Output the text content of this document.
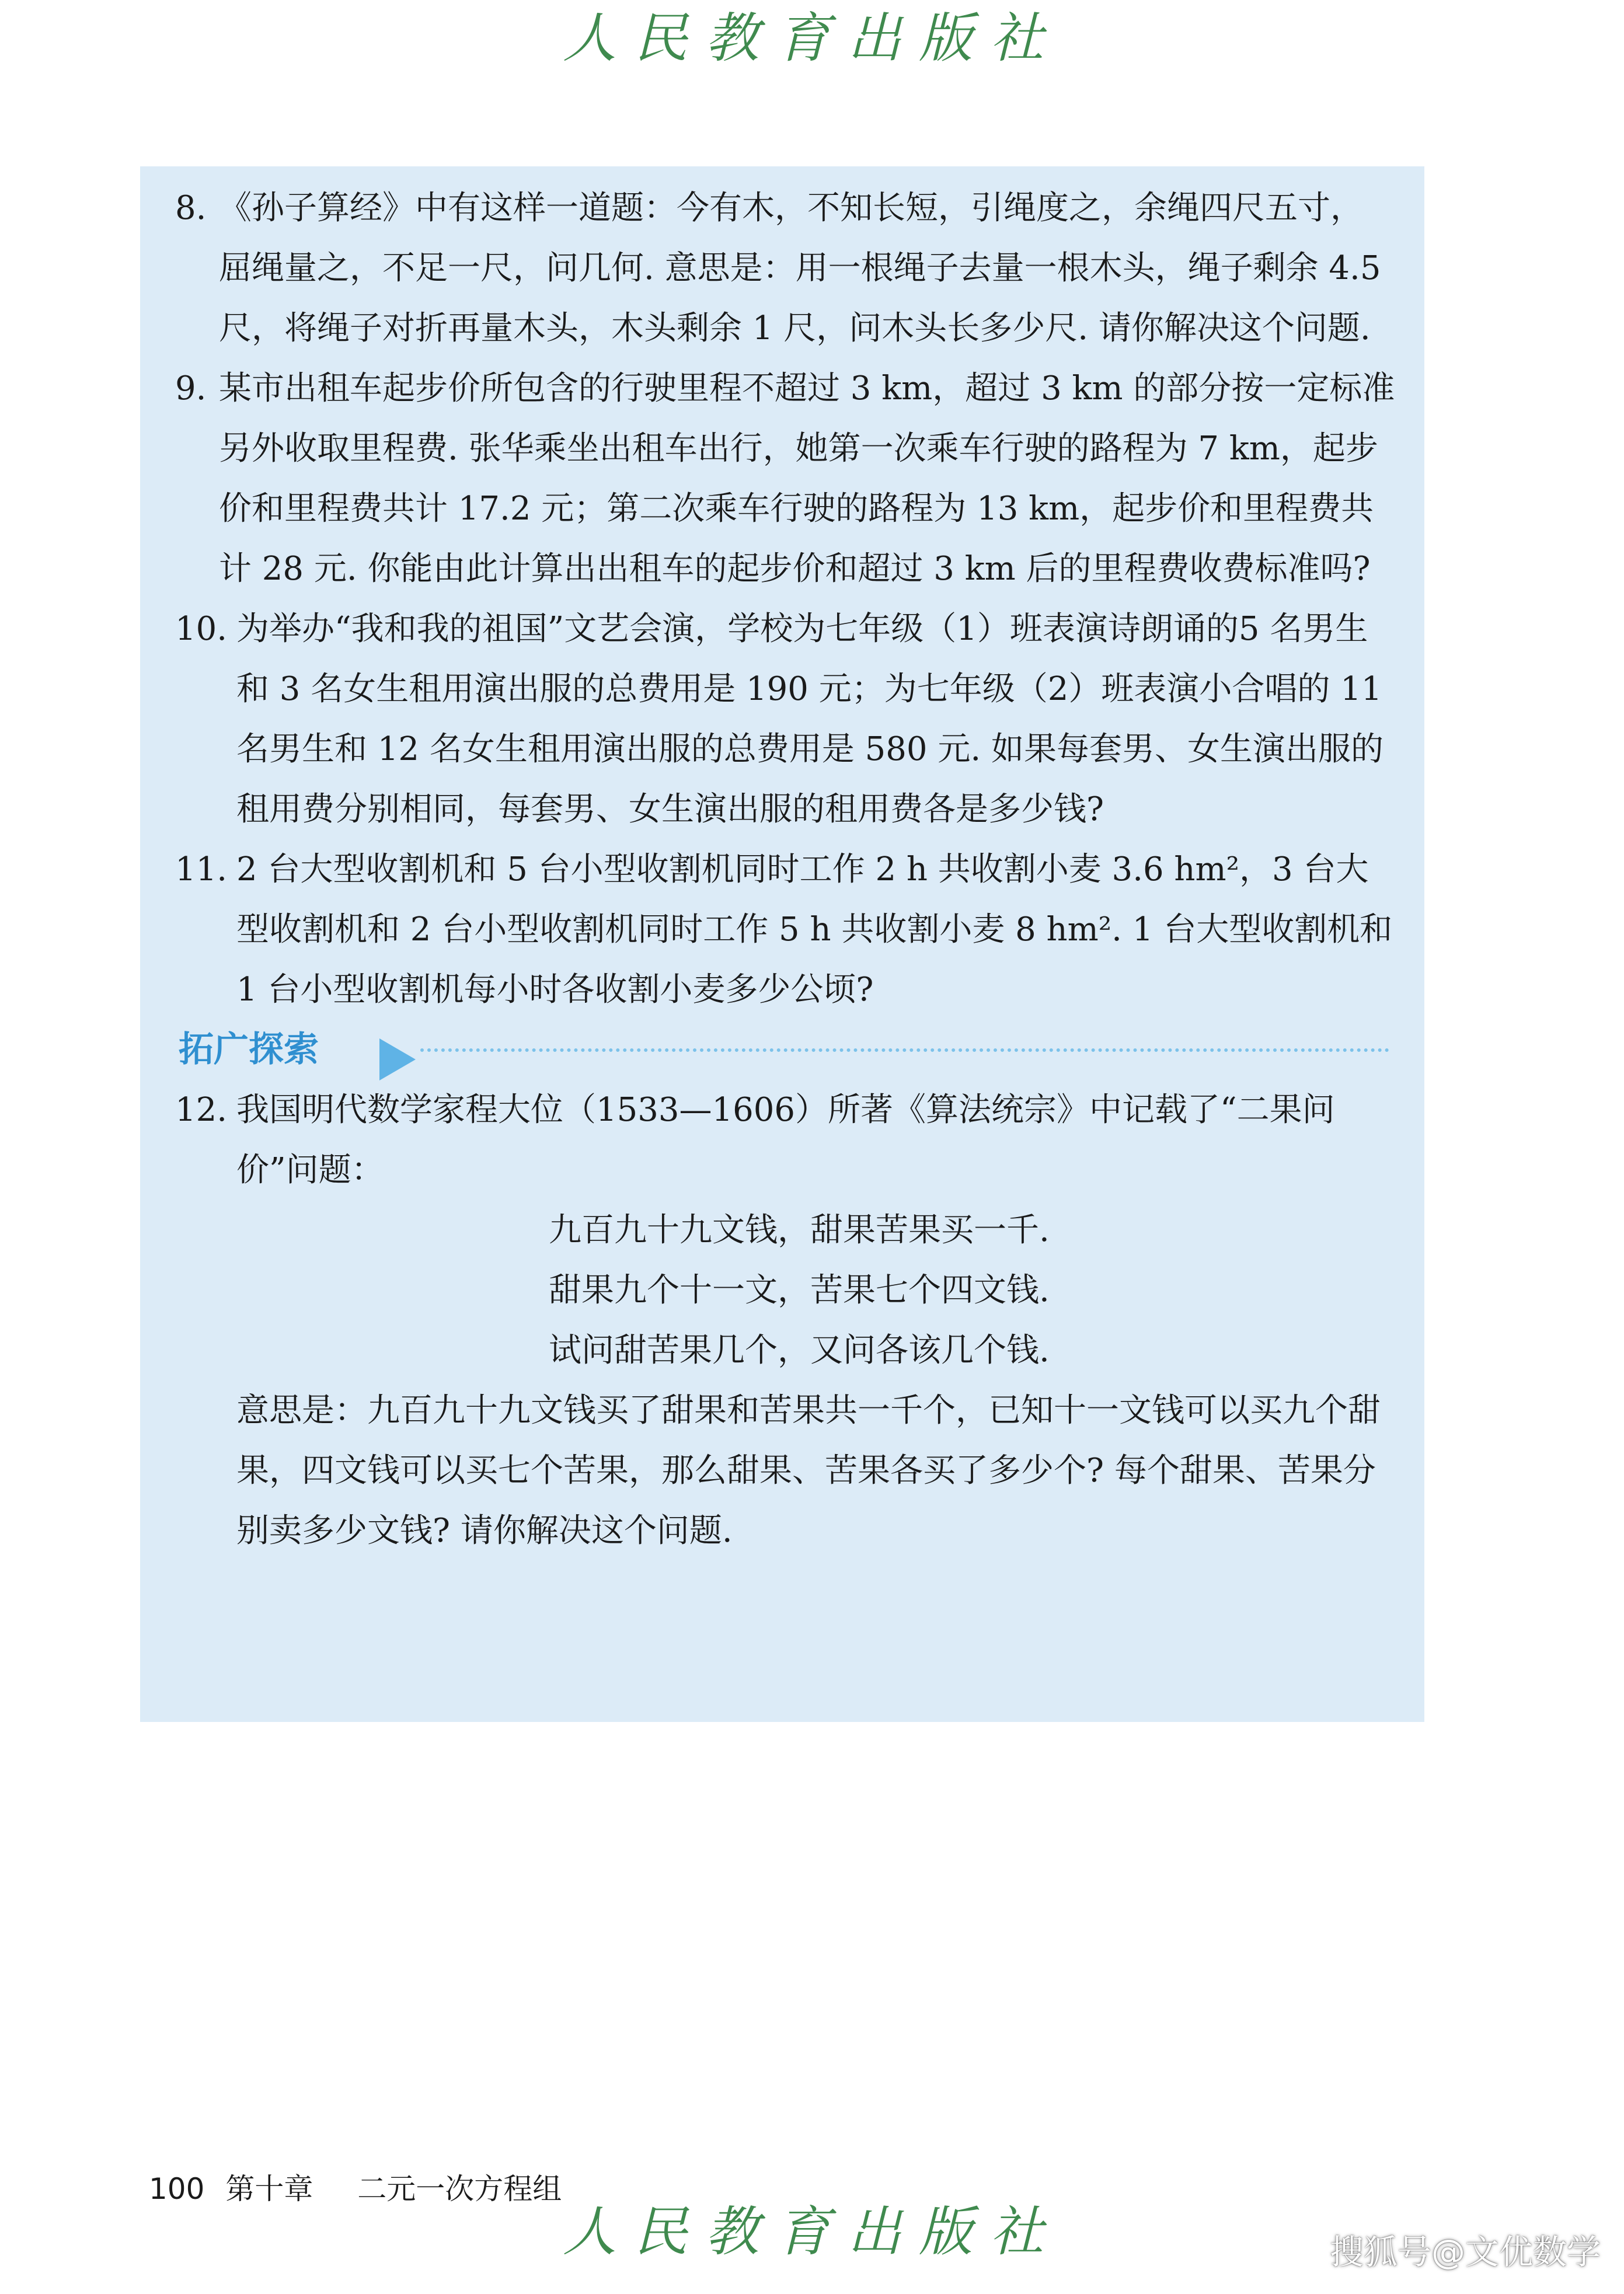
人民教育出版社
8. 《孙子算经》中有这样一道题：今有木，不知长短，引绳度之，余绳四尺五寸，屈绳量之，不足一尺，问几何. 意思是：用一根绳子去量一根木头，绳子剩余 4.5 尺，将绳子对折再量木头，木头剩余 1 尺，问木头长多少尺. 请你解决这个问题.
9. 某市出租车起步价所包含的行驶里程不超过 3 km，超过 3 km 的部分按一定标准另外收取里程费. 张华乘坐出租车出行，她第一次乘车行驶的路程为 7 km，起步价和里程费共计 17.2 元；第二次乘车行驶的路程为 13 km，起步价和里程费共计 28 元. 你能由此计算出出租车的起步价和超过 3 km 后的里程费收费标准吗?
10. 为举办“我和我的祖国”文艺会演，学校为七年级（1）班表演诗朗诵的5 名男生和 3 名女生租用演出服的总费用是 190 元；为七年级（2）班表演小合唱的 11 名男生和 12 名女生租用演出服的总费用是 580 元. 如果每套男、女生演出服的租用费分别相同，每套男、女生演出服的租用费各是多少钱?
11. 2 台大型收割机和 5 台小型收割机同时工作 2 h 共收割小麦 3.6 hm²，3 台大型收割机和 2 台小型收割机同时工作 5 h 共收割小麦 8 hm². 1 台大型收割机和 1 台小型收割机每小时各收割小麦多少公顷?
拓广探索
12. 我国明代数学家程大位（1533—1606）所著《算法统宗》中记载了“二果问价”问题：
九百九十九文钱，甜果苦果买一千.
甜果九个十一文，苦果七个四文钱.
试问甜苦果几个，又问各该几个钱.
意思是：九百九十九文钱买了甜果和苦果共一千个，已知十一文钱可以买九个甜果，四文钱可以买七个苦果，那么甜果、苦果各买了多少个? 每个甜果、苦果分别卖多少文钱? 请你解决这个问题.
100 第十章 二元一次方程组
人民教育出版社	搜狐号@文优数学
